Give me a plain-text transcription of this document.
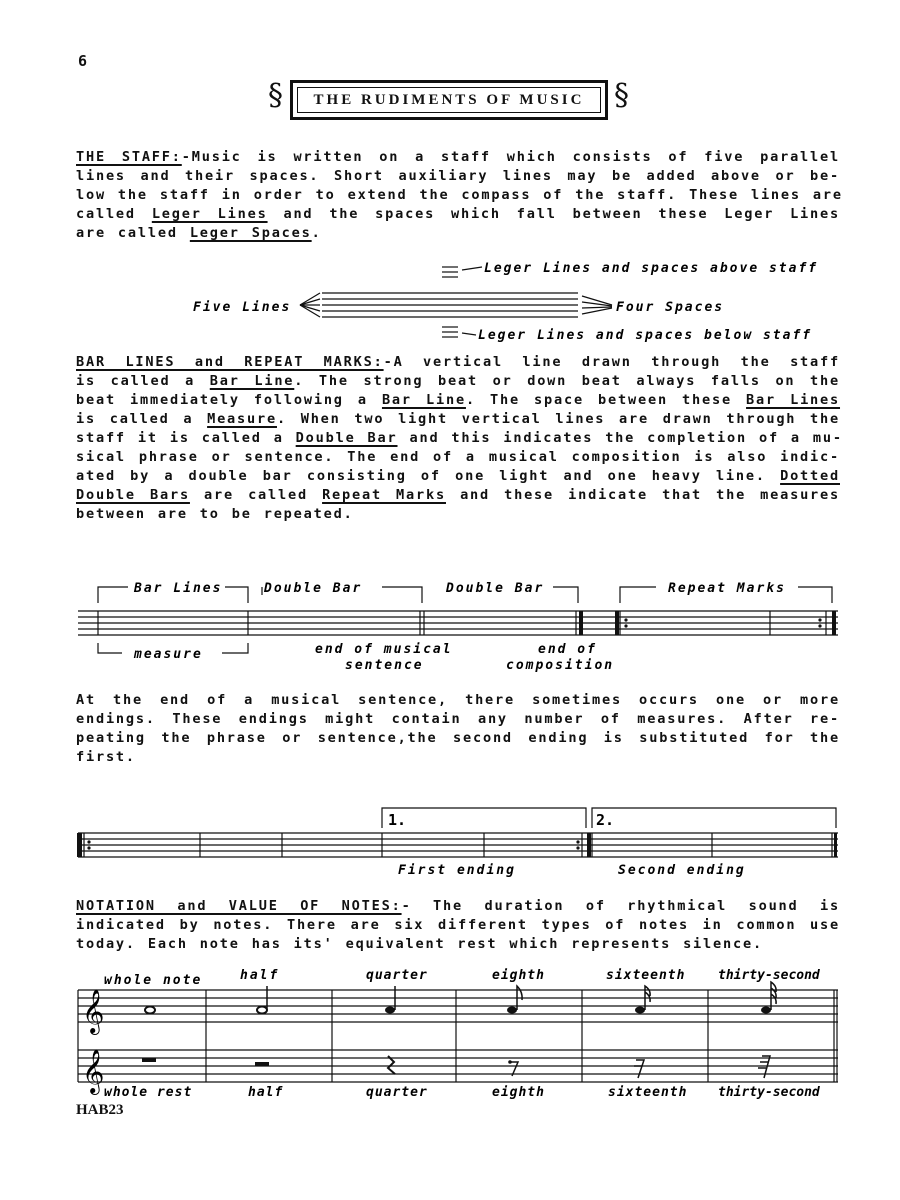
6
§ THE RUDIMENTS OF MUSIC §
THE STAFF:-Music is written on a staff which consists of five parallel
lines and their spaces. Short auxiliary lines may be added above or be-
low the staff in order to extend the compass of the staff. These lines are
called Leger Lines and the spaces which fall between these Leger Lines
are called Leger Spaces.
Leger Lines and spaces above staff
Five Lines	Four Spaces
Leger Lines and spaces below staff
BAR LINES and REPEAT MARKS:-A vertical line drawn through the staff
is called a Bar Line. The strong beat or down beat always falls on the
beat immediately following a Bar Line. The space between these Bar Lines
is called a Measure. When two light vertical lines are drawn through the
staff it is called a Double Bar and this indicates the completion of a mu-
sical phrase or sentence. The end of a musical composition is also indic-
ated by a double bar consisting of one light and one heavy line. Dotted
Double Bars are called Repeat Marks and these indicate that the measures
between are to be repeated.
Bar Lines	Double Bar	Double Bar	Repeat Marks
measure	end of musical
sentence
end of
composition
At the end of a musical sentence, there sometimes occurs one or more
endings. These endings might contain any number of measures. After re-
peating the phrase or sentence,the second ending is substituted for the
first.
1.	2.
First ending	Second ending
NOTATION and VALUE OF NOTES:- The duration of rhythmical sound is
indicated by notes. There are six different types of notes in common use
today. Each note has its' equivalent rest which represents silence.
𝄞
𝄞
whole note	half	quarter	eighth	sixteenth	thirty-second
whole rest	half	quarter	eighth	sixteenth thirty-second
HAB23
